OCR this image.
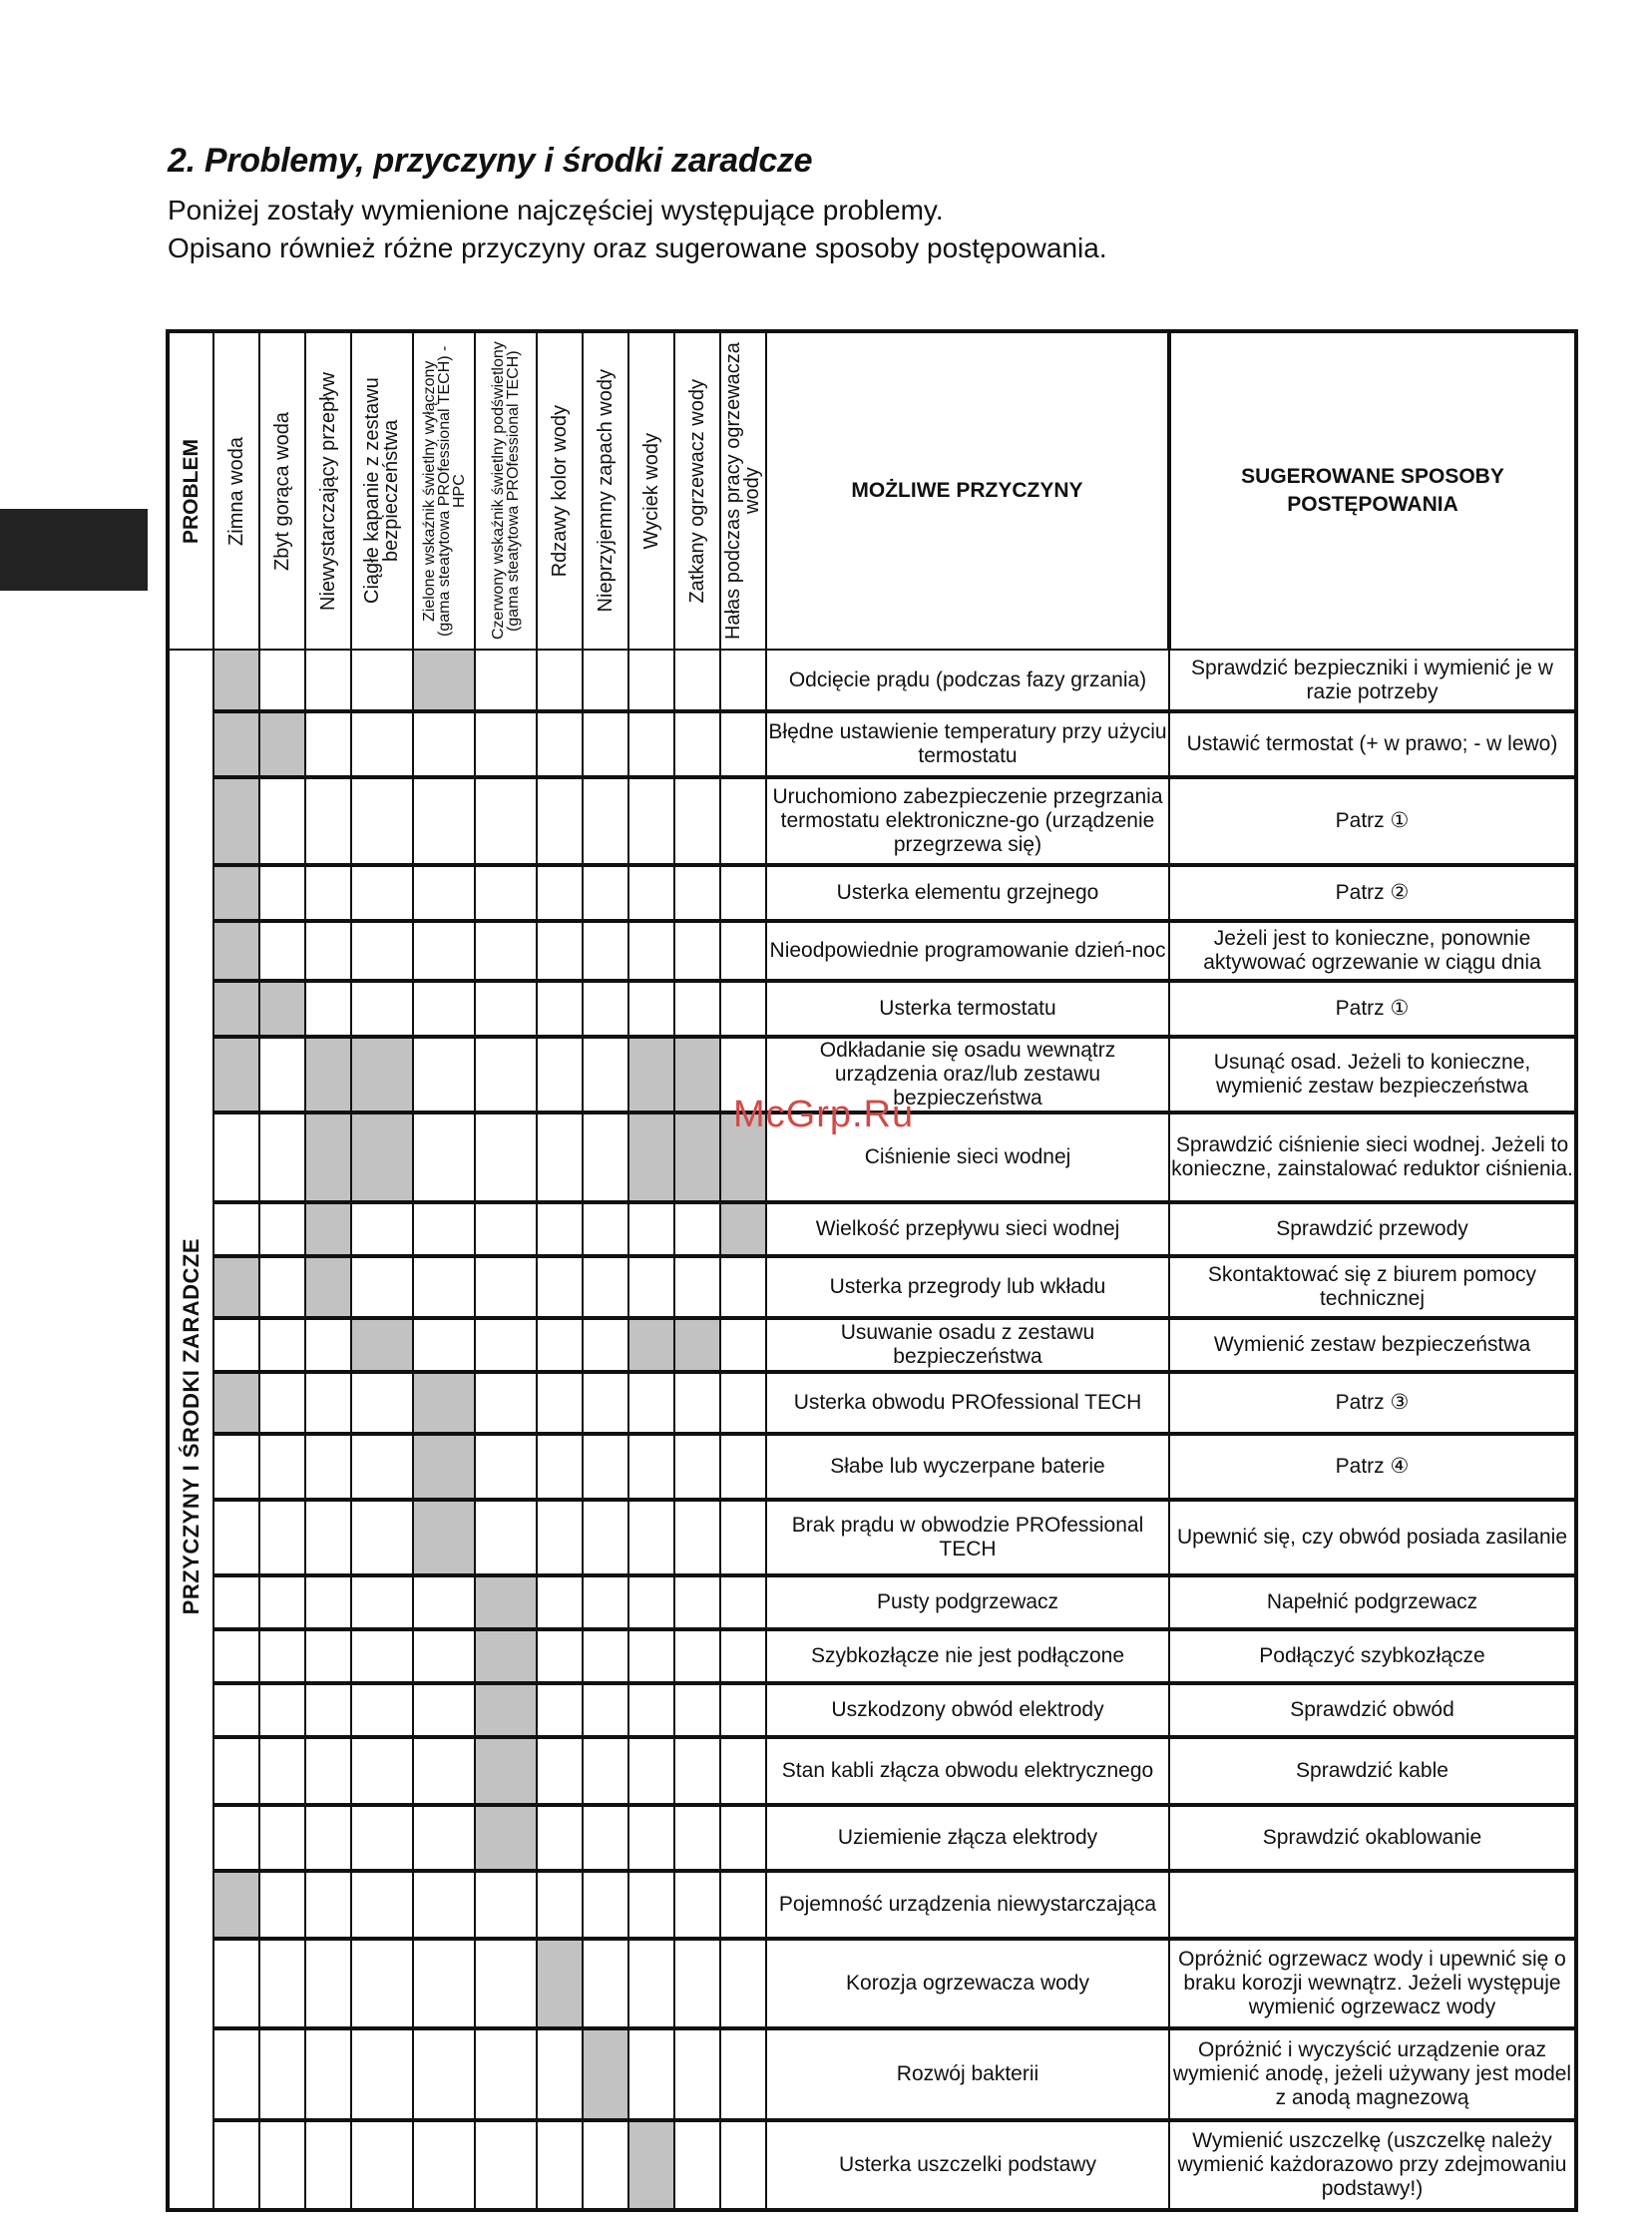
2. Problemy, przyczyny i środki zaradcze
Poniżej zostały wymienione najczęściej występujące problemy.
Opisano również różne przyczyny oraz sugerowane sposoby postępowania.
PROBLEM	Zimna woda	Zbyt gorąca woda	Niewystarczający przepływ	Ciągłe kapanie z zestawu bezpieczeństwa	Zielone wskaźnik świetlny wyłączony (gama steatytowa PROfessional TECH) - HPC	Czerwony wskaźnik świetlny podświetlony (gama steatytowa PROfessional TECH)	Rdzawy kolor wody	Nieprzyjemny zapach wody	Wyciek wody	Zatkany ogrzewacz wody	Hałas podczas pracy ogrzewacza wody	MOŻLIWE PRZYCZYNY	SUGEROWANE SPOSOBY POSTĘPOWANIA
PRZYCZYNY I ŚRODKI ZARADCZE												Odcięcie prądu (podczas fazy grzania)	Sprawdzić bezpieczniki i wymienić je w razie potrzeby
												Błędne ustawienie temperatury przy użyciu termostatu	Ustawić termostat (+ w prawo; - w lewo)
												Uruchomiono zabezpieczenie przegrzania termostatu elektroniczne-go (urządzenie przegrzewa się)	Patrz ①
												Usterka elementu grzejnego	Patrz ②
												Nieodpowiednie programowanie dzień-noc	Jeżeli jest to konieczne, ponownie aktywować ogrzewanie w ciągu dnia
												Usterka termostatu	Patrz ①
												Odkładanie się osadu wewnątrz urządzenia oraz/lub zestawu bezpieczeństwa	Usunąć osad. Jeżeli to konieczne, wymienić zestaw bezpieczeństwa
												Ciśnienie sieci wodnej	Sprawdzić ciśnienie sieci wodnej. Jeżeli to konieczne, zainstalować reduktor ciśnienia.
												Wielkość przepływu sieci wodnej	Sprawdzić przewody
												Usterka przegrody lub wkładu	Skontaktować się z biurem pomocy technicznej
												Usuwanie osadu z zestawu bezpieczeństwa	Wymienić zestaw bezpieczeństwa
												Usterka obwodu PROfessional TECH	Patrz ③
												Słabe lub wyczerpane baterie	Patrz ④
												Brak prądu w obwodzie PROfessional TECH	Upewnić się, czy obwód posiada zasilanie
												Pusty podgrzewacz	Napełnić podgrzewacz
												Szybkozłącze nie jest podłączone	Podłączyć szybkozłącze
												Uszkodzony obwód elektrody	Sprawdzić obwód
												Stan kabli złącza obwodu elektrycznego	Sprawdzić kable
												Uziemienie złącza elektrody	Sprawdzić okablowanie
												Pojemność urządzenia niewystarczająca	
												Korozja ogrzewacza wody	Opróżnić ogrzewacz wody i upewnić się o braku korozji wewnątrz. Jeżeli występuje wymienić ogrzewacz wody
												Rozwój bakterii	Opróżnić i wyczyścić urządzenie oraz wymienić anodę, jeżeli używany jest model z anodą magnezową
												Usterka uszczelki podstawy	Wymienić uszczelkę (uszczelkę należy wymienić każdorazowo przy zdejmowaniu podstawy!)
McGrp.Ru
